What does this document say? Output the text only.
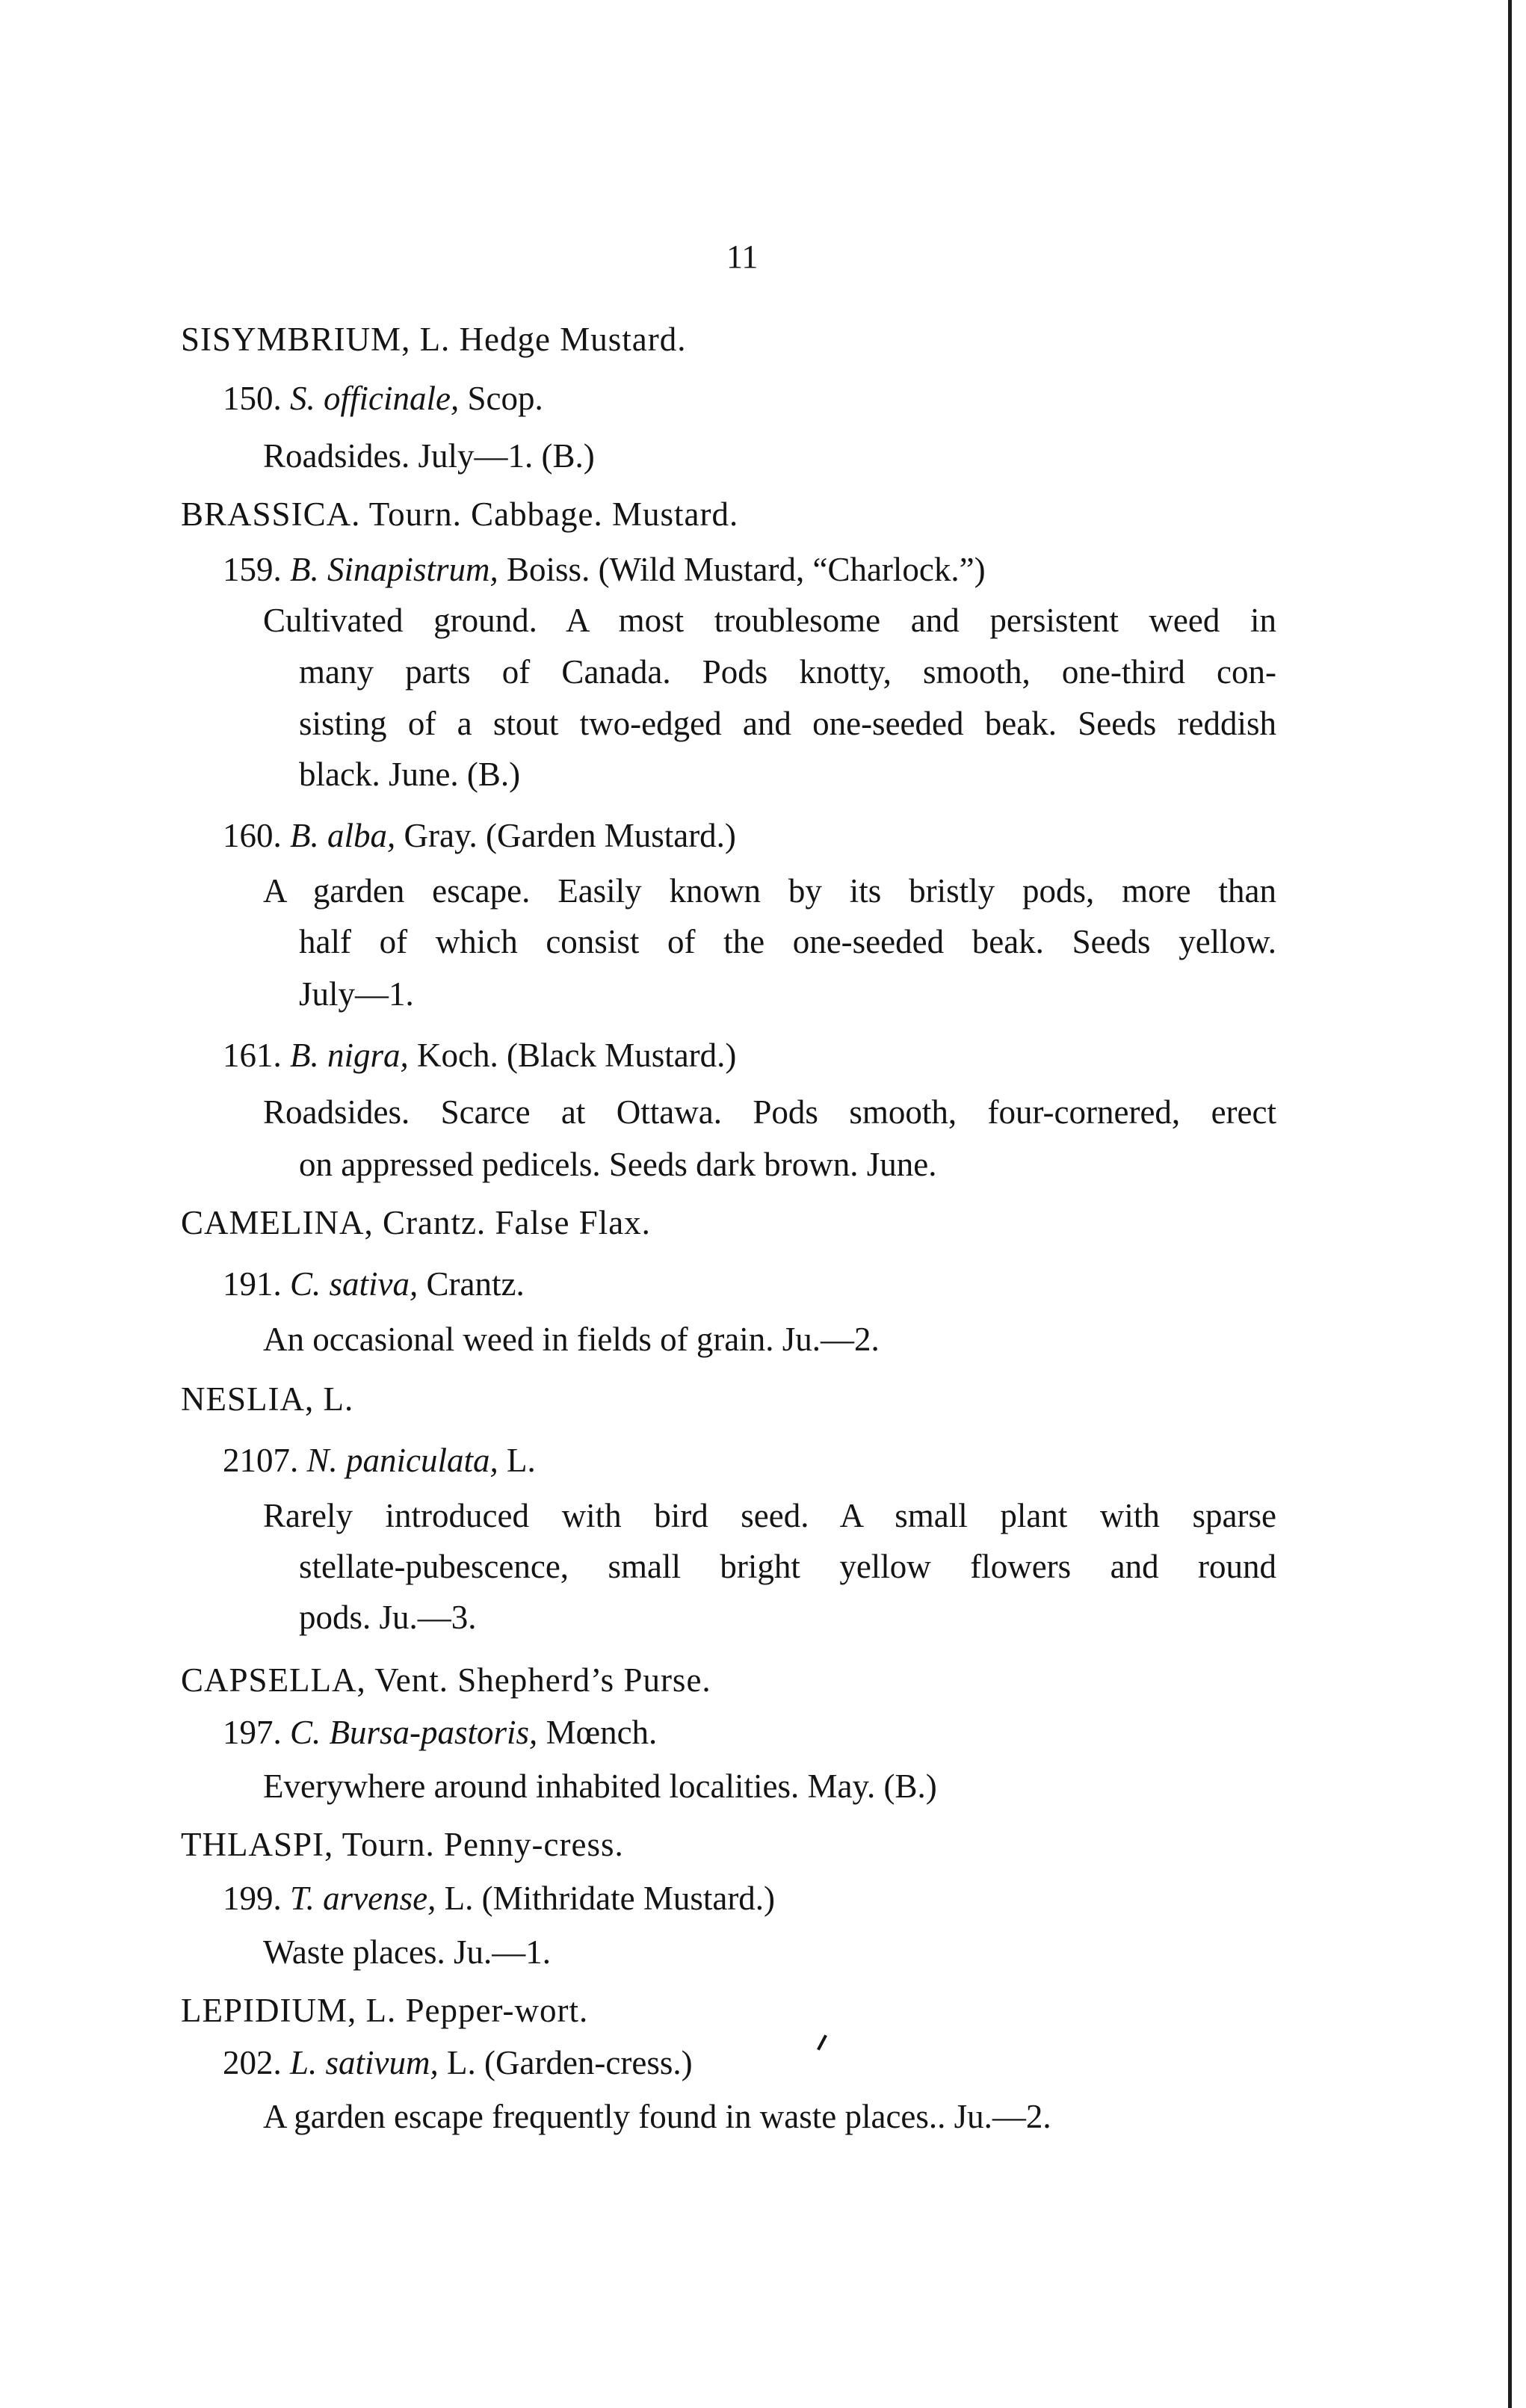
11
SISYMBRIUM, L. Hedge Mustard.
150. S. officinale, Scop.
Roadsides. July—1. (B.)
BRASSICA. Tourn. Cabbage. Mustard.
159. B. Sinapistrum, Boiss. (Wild Mustard, “Charlock.”)
Cultivated ground. A most troublesome and persistent weed in
many parts of Canada. Pods knotty, smooth, one-third con-
sisting of a stout two-edged and one-seeded beak. Seeds reddish
black. June. (B.)
160. B. alba, Gray. (Garden Mustard.)
A garden escape. Easily known by its bristly pods, more than
half of which consist of the one-seeded beak. Seeds yellow.
July—1.
161. B. nigra, Koch. (Black Mustard.)
Roadsides. Scarce at Ottawa. Pods smooth, four-cornered, erect
on appressed pedicels. Seeds dark brown. June.
CAMELINA, Crantz. False Flax.
191. C. sativa, Crantz.
An occasional weed in fields of grain. Ju.—2.
NESLIA, L.
2107. N. paniculata, L.
Rarely introduced with bird seed. A small plant with sparse
stellate-pubescence, small bright yellow flowers and round
pods. Ju.—3.
CAPSELLA, Vent. Shepherd’s Purse.
197. C. Bursa-pastoris, Mœnch.
Everywhere around inhabited localities. May. (B.)
THLASPI, Tourn. Penny-cress.
199. T. arvense, L. (Mithridate Mustard.)
Waste places. Ju.—1.
LEPIDIUM, L. Pepper-wort.
202. L. sativum, L. (Garden-cress.)
A garden escape frequently found in waste places.. Ju.—2.
